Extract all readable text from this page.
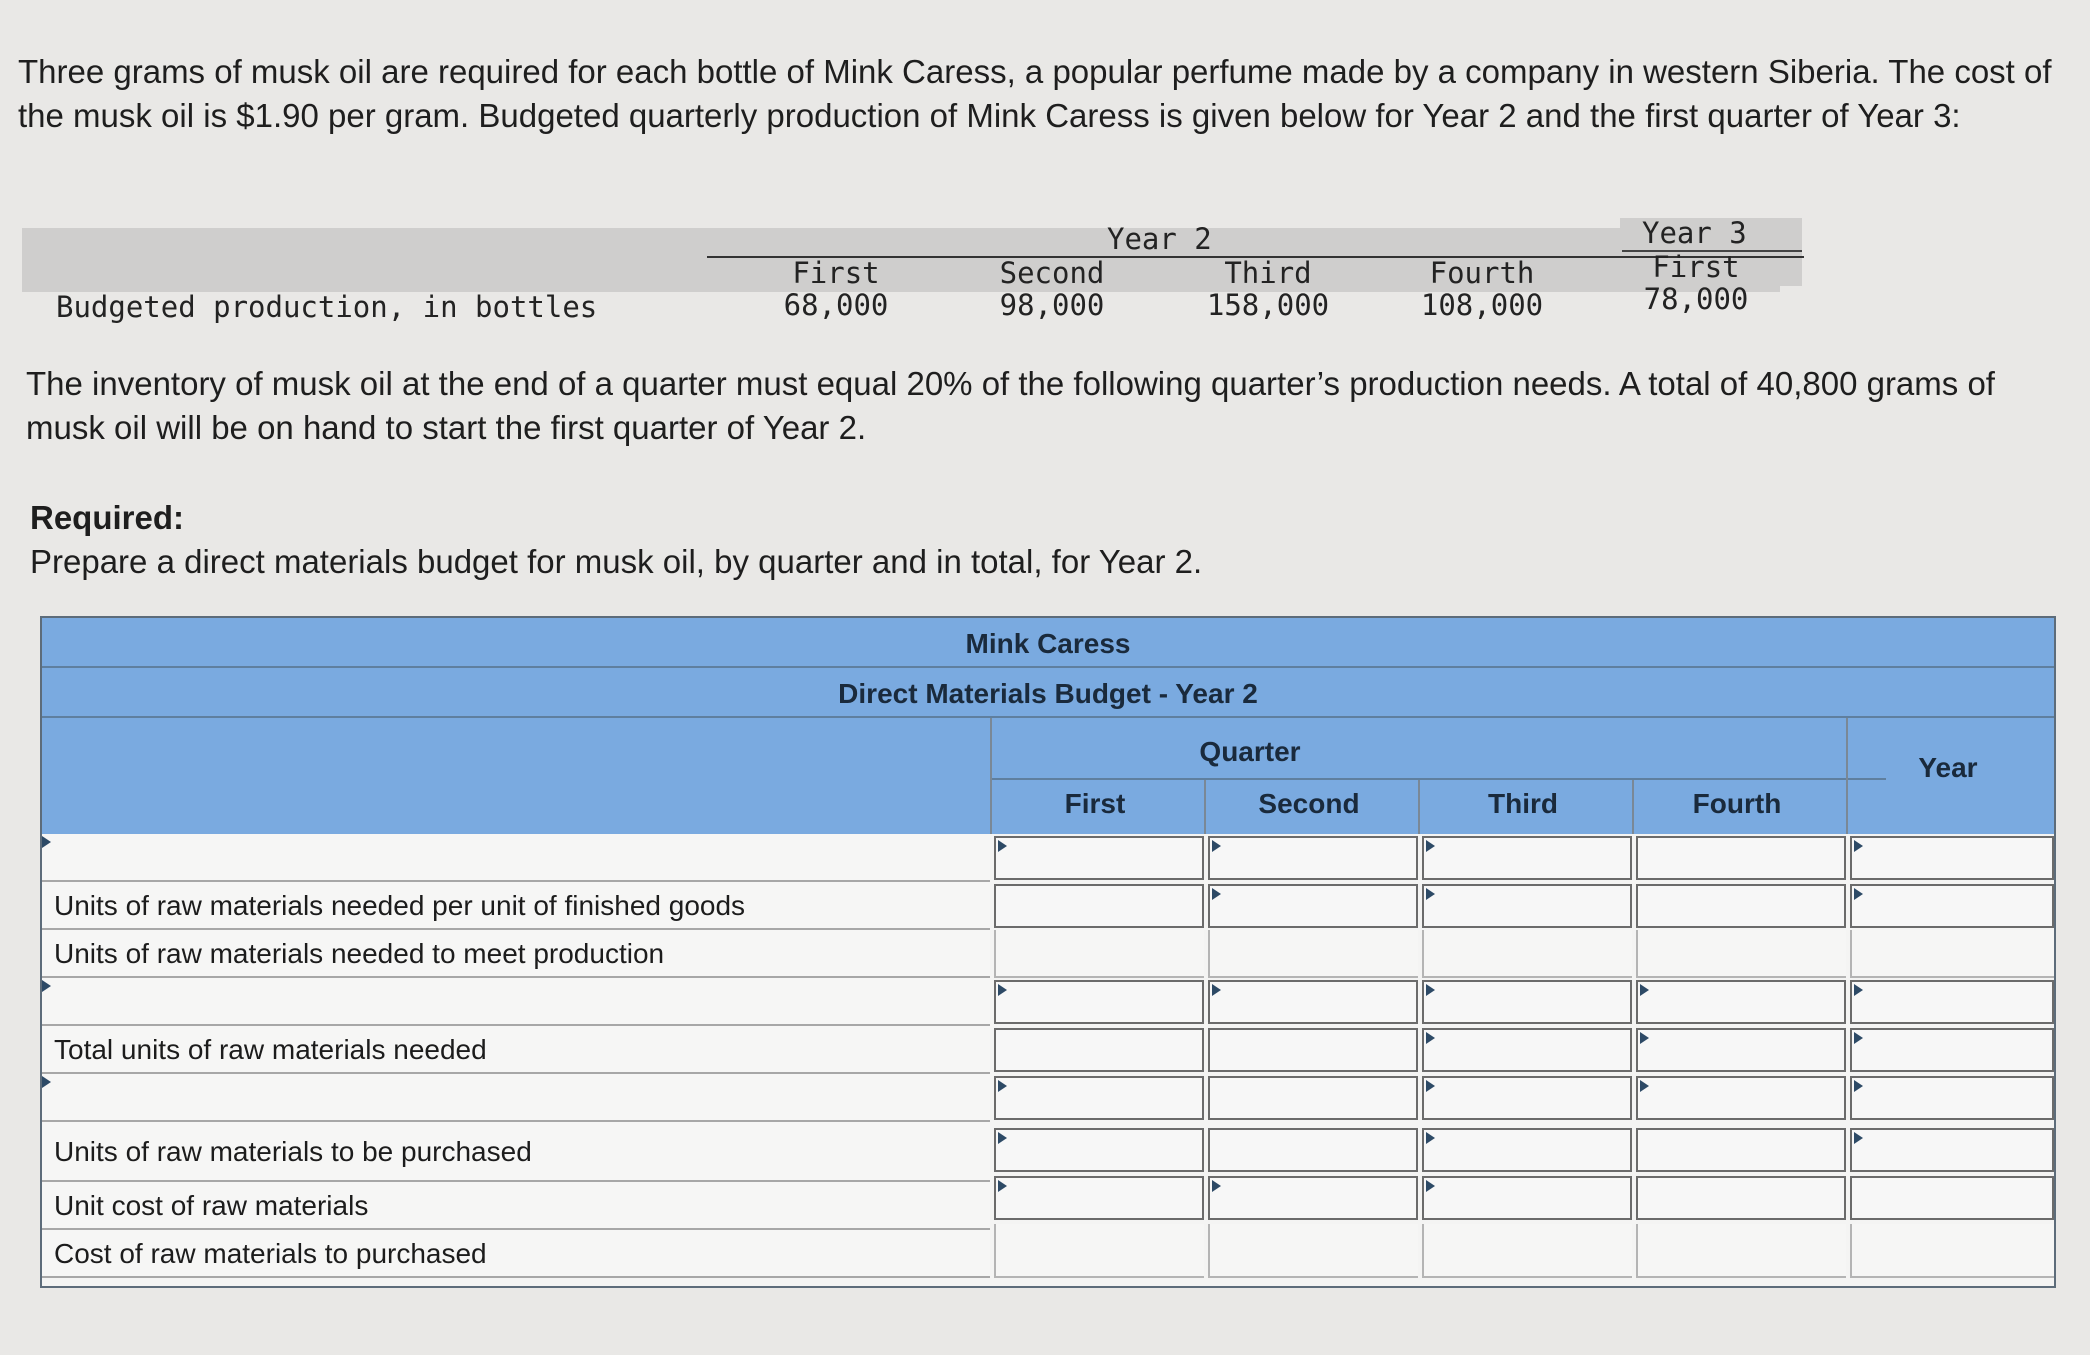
Three grams of musk oil are required for each bottle of Mink Caress, a popular perfume made by a company in western Siberia. The cost of the musk oil is $1.90 per gram. Budgeted quarterly production of Mink Caress is given below for Year 2 and the first quarter of Year 3:
Year 2	Year 3
Budgeted production, in bottles
First	Second	Third	Fourth	First
68,000	98,000	158,000	108,000	78,000
The inventory of musk oil at the end of a quarter must equal 20% of the following quarter’s production needs. A total of 40,800 grams of musk oil will be on hand to start the first quarter of Year 2.
Required:
Prepare a direct materials budget for musk oil, by quarter and in total, for Year 2.
Mink Caress
Direct Materials Budget - Year 2
Quarter
Year
First	Second	Third	Fourth
Units of raw materials needed per unit of finished goods
Units of raw materials needed to meet production
Total units of raw materials needed
Units of raw materials to be purchased
Unit cost of raw materials
Cost of raw materials to purchased
